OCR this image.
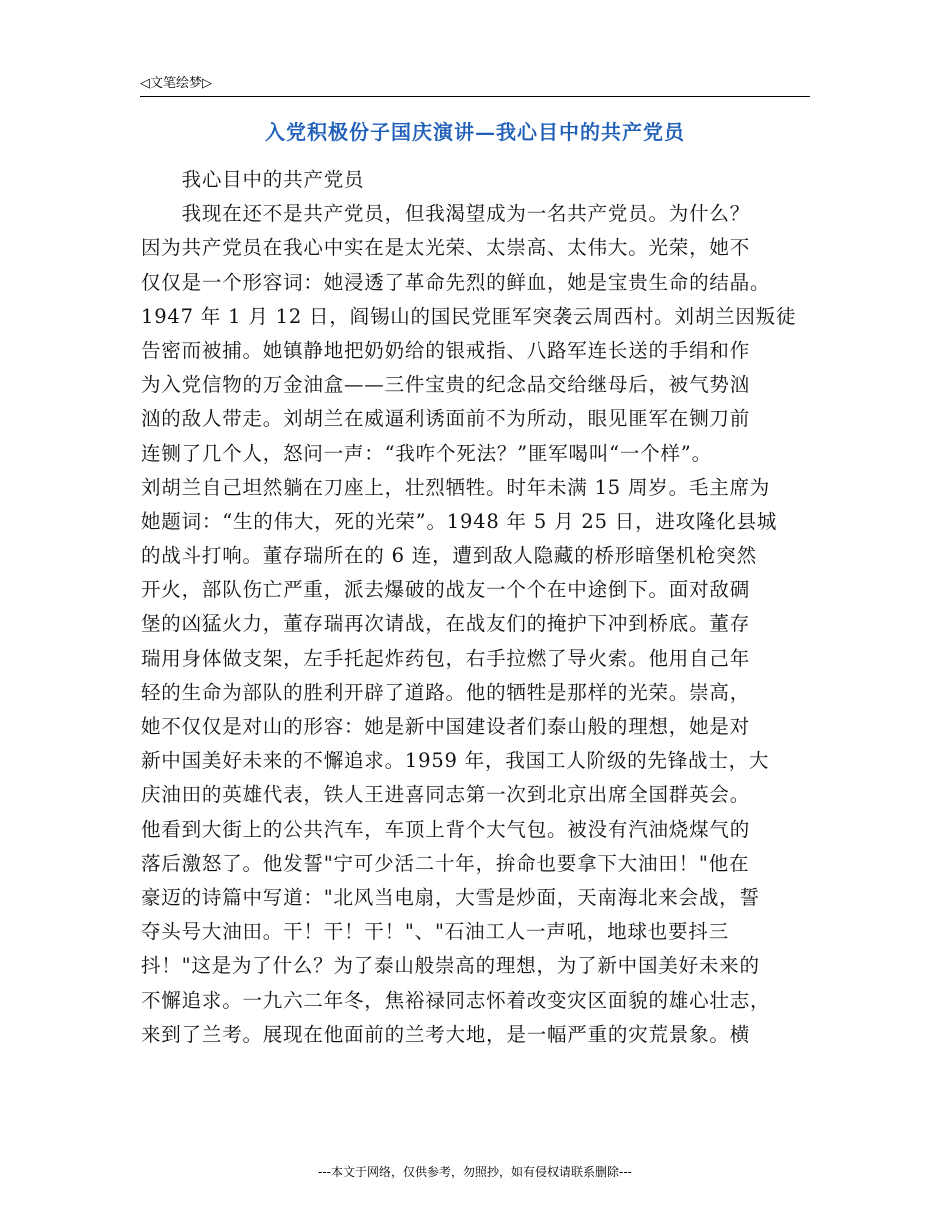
◁文笔绘梦▷
入党积极份子国庆演讲—我心目中的共产党员
　　我心目中的共产党员
　　我现在还不是共产党员，但我渴望成为一名共产党员。为什么？
因为共产党员在我心中实在是太光荣、太崇高、太伟大。光荣，她不
仅仅是一个形容词：她浸透了革命先烈的鲜血，她是宝贵生命的结晶。
1947 年 1 月 12 日，阎锡山的国民党匪军突袭云周西村。刘胡兰因叛徒
告密而被捕。她镇静地把奶奶给的银戒指、八路军连长送的手绢和作
为入党信物的万金油盒——三件宝贵的纪念品交给继母后，被气势汹
汹的敌人带走。刘胡兰在威逼利诱面前不为所动，眼见匪军在铡刀前
连铡了几个人，怒问一声：“我咋个死法？”匪军喝叫“一个样”。
刘胡兰自己坦然躺在刀座上，壮烈牺牲。时年未满 15 周岁。毛主席为
她题词：“生的伟大，死的光荣”。1948 年 5 月 25 日，进攻隆化县城
的战斗打响。董存瑞所在的 6 连，遭到敌人隐藏的桥形暗堡机枪突然
开火，部队伤亡严重，派去爆破的战友一个个在中途倒下。面对敌碉
堡的凶猛火力，董存瑞再次请战，在战友们的掩护下冲到桥底。董存
瑞用身体做支架，左手托起炸药包，右手拉燃了导火索。他用自己年
轻的生命为部队的胜利开辟了道路。他的牺牲是那样的光荣。崇高，
她不仅仅是对山的形容：她是新中国建设者们泰山般的理想，她是对
新中国美好未来的不懈追求。1959 年，我国工人阶级的先锋战士，大
庆油田的英雄代表，铁人王进喜同志第一次到北京出席全国群英会。
他看到大街上的公共汽车，车顶上背个大气包。被没有汽油烧煤气的
落后激怒了。他发誓"宁可少活二十年，拚命也要拿下大油田！"他在
豪迈的诗篇中写道："北风当电扇，大雪是炒面，天南海北来会战，誓
夺头号大油田。干！干！干！"、"石油工人一声吼，地球也要抖三
抖！"这是为了什么？为了泰山般崇高的理想，为了新中国美好未来的
不懈追求。一九六二年冬，焦裕禄同志怀着改变灾区面貌的雄心壮志，
来到了兰考。展现在他面前的兰考大地，是一幅严重的灾荒景象。横
---本文于网络，仅供参考，勿照抄，如有侵权请联系删除---
